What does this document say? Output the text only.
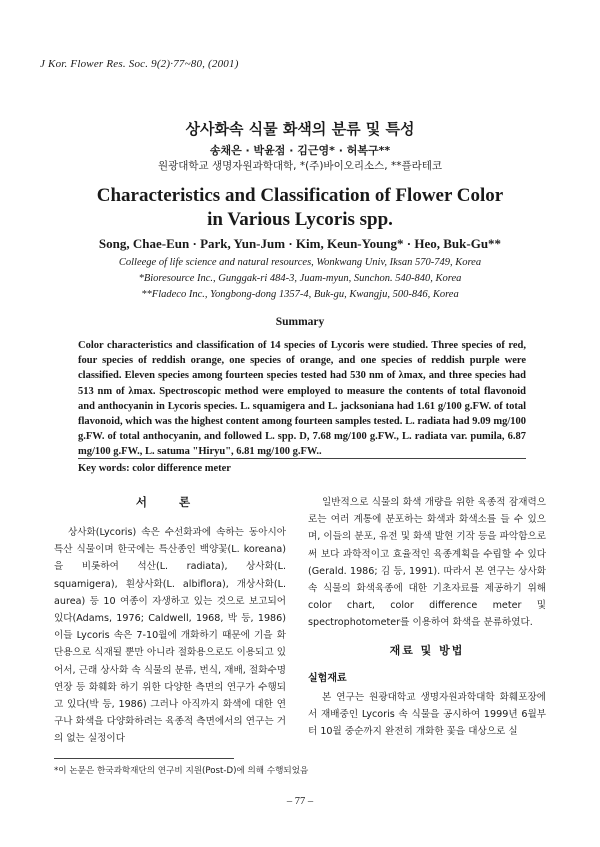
J Kor. Flower Res. Soc. 9(2)·77~80, (2001)
상사화속 식물 화색의 분류 및 특성
송채은 · 박윤점 · 김근영* · 허복구**
원광대학교 생명자원과학대학, *(주)바이오리소스, **플라테코
Characteristics and Classification of Flower Color
in Various Lycoris spp.
Song, Chae-Eun · Park, Yun-Jum · Kim, Keun-Young* · Heo, Buk-Gu**
Colleege of life science and natural resources, Wonkwang Univ, Iksan 570-749, Korea
*Bioresource Inc., Gunggak-ri 484-3, Juam-myun, Sunchon. 540-840, Korea
**Fladeco Inc., Yongbong-dong 1357-4, Buk-gu, Kwangju, 500-846, Korea
Summary
Color characteristics and classification of 14 species of Lycoris were studied. Three species of red, four species of reddish orange, one species of orange, and one species of reddish purple were classified. Eleven species among fourteen species tested had 530 nm of λmax, and three species had 513 nm of λmax. Spectroscopic method were employed to measure the contents of total flavonoid and anthocyanin in Lycoris species. L. squamigera and L. jacksoniana had 1.61 g/100 g.FW. of total flavonoid, which was the highest content among fourteen samples tested. L. radiata had 9.09 mg/100 g.FW. of total anthocyanin, and followed L. spp. D, 7.68 mg/100 g.FW., L. radiata var. pumila, 6.87 mg/100 g.FW., L. satuma "Hiryu", 6.81 mg/100 g.FW..
Key words: color difference meter
서 론

상사화(Lycoris) 속은 수선화과에 속하는 동아시아 특산 식물이며 한국에는 특산종인 백양꽃(L. koreana)을 비롯하여 석산(L. radiata), 상사화(L. squamigera), 흰상사화(L. albiflora), 개상사화(L. aurea) 등 10 여종이 자생하고 있는 것으로 보고되어 있다(Adams, 1976; Caldwell, 1968, 박 등, 1986) 이들 Lycoris 속은 7-10월에 개화하기 때문에 기을 화단용으로 식재될 뿐만 아니라 절화용으로도 이용되고 있어서, 근래 상사화 속 식물의 분류, 번식, 재배, 절화수명 연장 등 화훼화 하기 위한 다양한 측면의 연구가 수행되고 있다(박 등, 1986) 그러나 아직까지 화색에 대한 연구나 화색을 다양화하려는 육종적 측면에서의 연구는 거의 없는 실정이다

일반적으로 식물의 화색 개량을 위한 육종적 잠재력으로는 여러 계통에 분포하는 화색과 화색소를 들 수 있으며, 이들의 분포, 유전 및 화색 발현 기작 등을 파악함으로써 보다 과학적이고 효율적인 육종계획을 수립할 수 있다(Gerald. 1986; 김 등, 1991). 따라서 본 연구는 상사화 속 식물의 화색육종에 대한 기초자료를 제공하기 위해 color chart, color difference meter 및 spectrophotometer를 이용하여 화색을 분류하였다.

재료 및 방법
실험재료

본 연구는 원광대학교 생명자원과학대학 화훼포장에서 재배중인 Lycoris 속 식물을 공시하여 1999년 6월부터 10월 중순까지 완전히 개화한 꽃을 대상으로 실

*이 논문은 한국과학재단의 연구비 지원(Post-D)에 의해 수행되었음
– 77 –
